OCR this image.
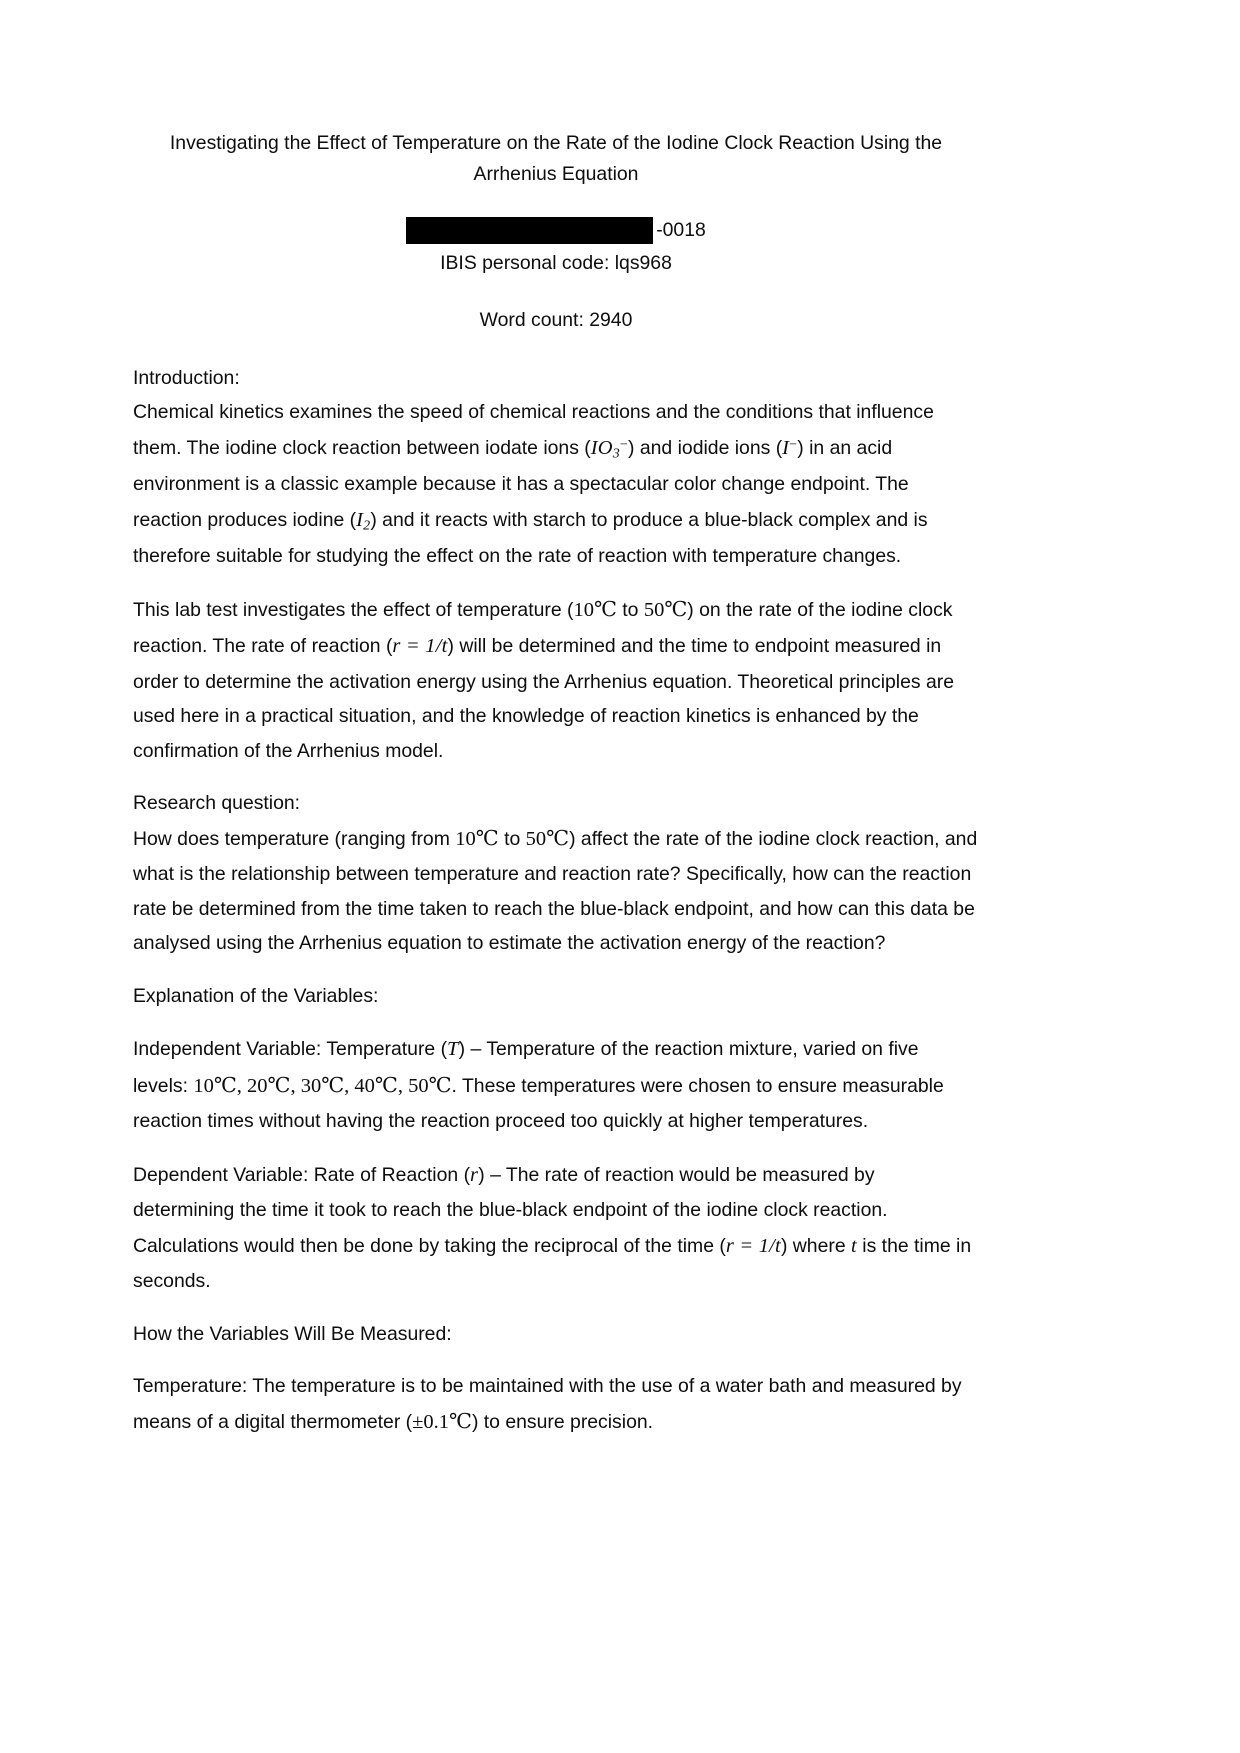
Investigating the Effect of Temperature on the Rate of the Iodine Clock Reaction Using the Arrhenius Equation
-0018
IBIS personal code: lqs968
Word count: 2940

Introduction:

Chemical kinetics examines the speed of chemical reactions and the conditions that influence them. The iodine clock reaction between iodate ions $(IO_3^-)$ and iodide ions (I−) in an acid environment is a classic example because it has a spectacular color change endpoint. The reaction produces iodine $(I_2)$ and it reacts with starch to produce a blue-black complex and is therefore suitable for studying the effect on the rate of reaction with temperature changes.

This lab test investigates the effect of temperature (10℃ to 50℃) on the rate of the iodine clock reaction. The rate of reaction (r = 1/t) will be determined and the time to endpoint measured in order to determine the activation energy using the Arrhenius equation. Theoretical principles are used here in a practical situation, and the knowledge of reaction kinetics is enhanced by the confirmation of the Arrhenius model.

Research question:

How does temperature (ranging from 10℃ to 50℃) affect the rate of the iodine clock reaction, and what is the relationship between temperature and reaction rate? Specifically, how can the reaction rate be determined from the time taken to reach the blue-black endpoint, and how can this data be analysed using the Arrhenius equation to estimate the activation energy of the reaction?

Explanation of the Variables:

Independent Variable: Temperature (T) – Temperature of the reaction mixture, varied on five levels: 10℃, 20℃, 30℃, 40℃, 50℃. These temperatures were chosen to ensure measurable reaction times without having the reaction proceed too quickly at higher temperatures.

Dependent Variable: Rate of Reaction (r) – The rate of reaction would be measured by determining the time it took to reach the blue-black endpoint of the iodine clock reaction. Calculations would then be done by taking the reciprocal of the time (r = 1/t) where t is the time in seconds.

How the Variables Will Be Measured:

Temperature: The temperature is to be maintained with the use of a water bath and measured by means of a digital thermometer (±0.1℃) to ensure precision.
